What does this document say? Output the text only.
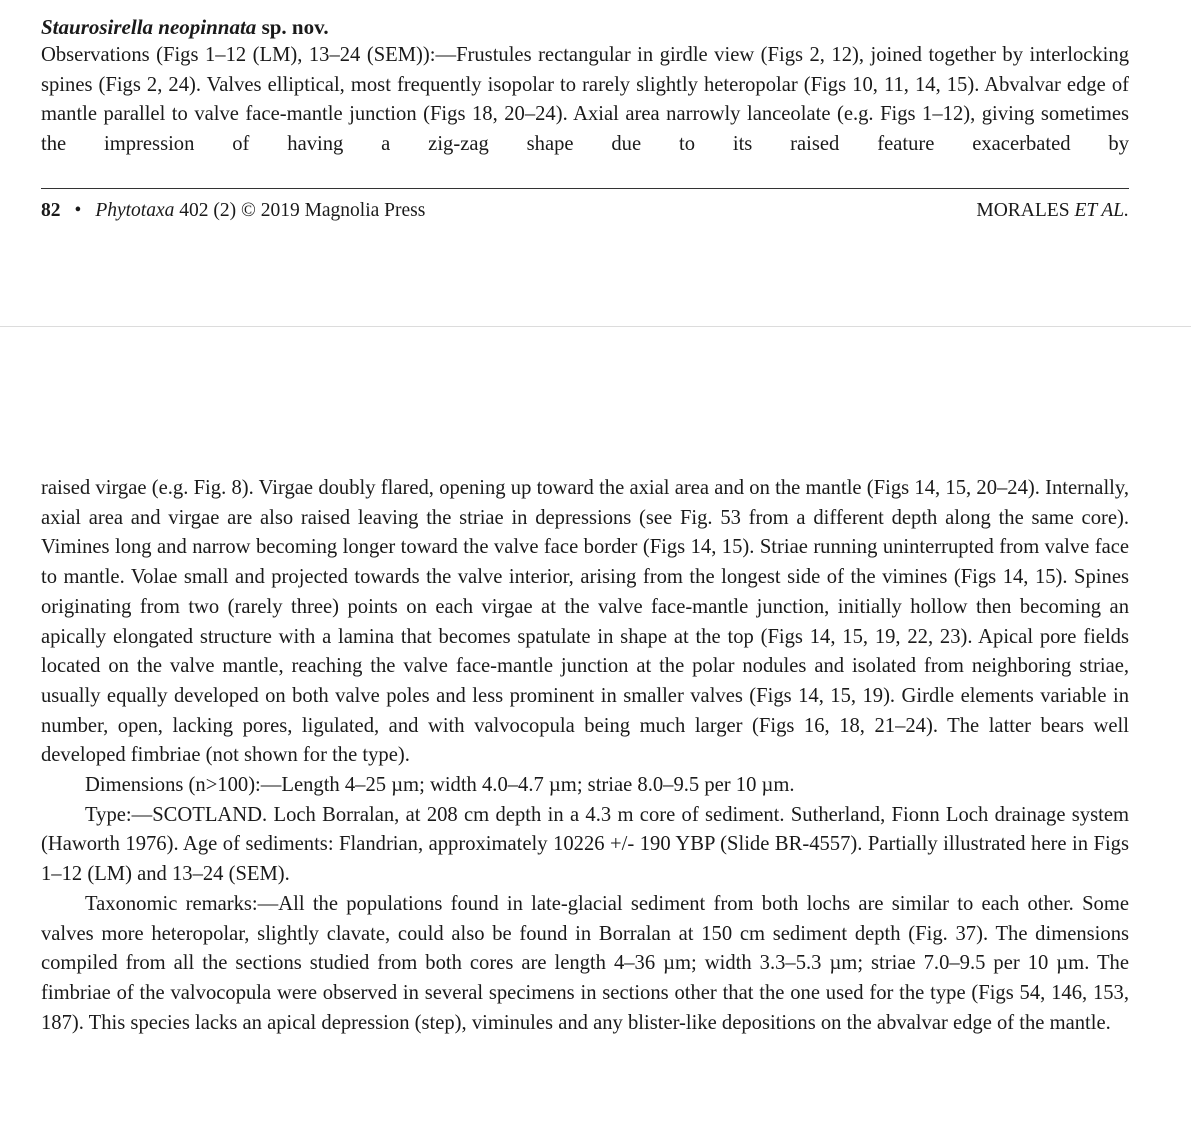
Staurosirella neopinnata sp. nov.

Observations (Figs 1–12 (LM), 13–24 (SEM)):—Frustules rectangular in girdle view (Figs 2, 12), joined together by interlocking spines (Figs 2, 24). Valves elliptical, most frequently isopolar to rarely slightly heteropolar (Figs 10, 11, 14, 15). Abvalvar edge of mantle parallel to valve face-mantle junction (Figs 18, 20–24). Axial area narrowly lanceolate (e.g. Figs 1–12), giving sometimes the impression of having a zig-zag shape due to its raised feature exacerbated by

82 • Phytotaxa 402 (2) © 2019 Magnolia Press	MORALES ET AL.

raised virgae (e.g. Fig. 8). Virgae doubly flared, opening up toward the axial area and on the mantle (Figs 14, 15, 20–24). Internally, axial area and virgae are also raised leaving the striae in depressions (see Fig. 53 from a different depth along the same core). Vimines long and narrow becoming longer toward the valve face border (Figs 14, 15). Striae running uninterrupted from valve face to mantle. Volae small and projected towards the valve interior, arising from the longest side of the vimines (Figs 14, 15). Spines originating from two (rarely three) points on each virgae at the valve face-mantle junction, initially hollow then becoming an apically elongated structure with a lamina that becomes spatulate in shape at the top (Figs 14, 15, 19, 22, 23). Apical pore fields located on the valve mantle, reaching the valve face-mantle junction at the polar nodules and isolated from neighboring striae, usually equally developed on both valve poles and less prominent in smaller valves (Figs 14, 15, 19). Girdle elements variable in number, open, lacking pores, ligulated, and with valvocopula being much larger (Figs 16, 18, 21–24). The latter bears well developed fimbriae (not shown for the type).

Dimensions (n>100):—Length 4–25 µm; width 4.0–4.7 µm; striae 8.0–9.5 per 10 µm.

Type:—SCOTLAND. Loch Borralan, at 208 cm depth in a 4.3 m core of sediment. Sutherland, Fionn Loch drainage system (Haworth 1976). Age of sediments: Flandrian, approximately 10226 +/- 190 YBP (Slide BR-4557). Partially illustrated here in Figs 1–12 (LM) and 13–24 (SEM).

Taxonomic remarks:—All the populations found in late-glacial sediment from both lochs are similar to each other. Some valves more heteropolar, slightly clavate, could also be found in Borralan at 150 cm sediment depth (Fig. 37). The dimensions compiled from all the sections studied from both cores are length 4–36 µm; width 3.3–5.3 µm; striae 7.0–9.5 per 10 µm. The fimbriae of the valvocopula were observed in several specimens in sections other that the one used for the type (Figs 54, 146, 153, 187). This species lacks an apical depression (step), viminules and any blister-like depositions on the abvalvar edge of the mantle.
